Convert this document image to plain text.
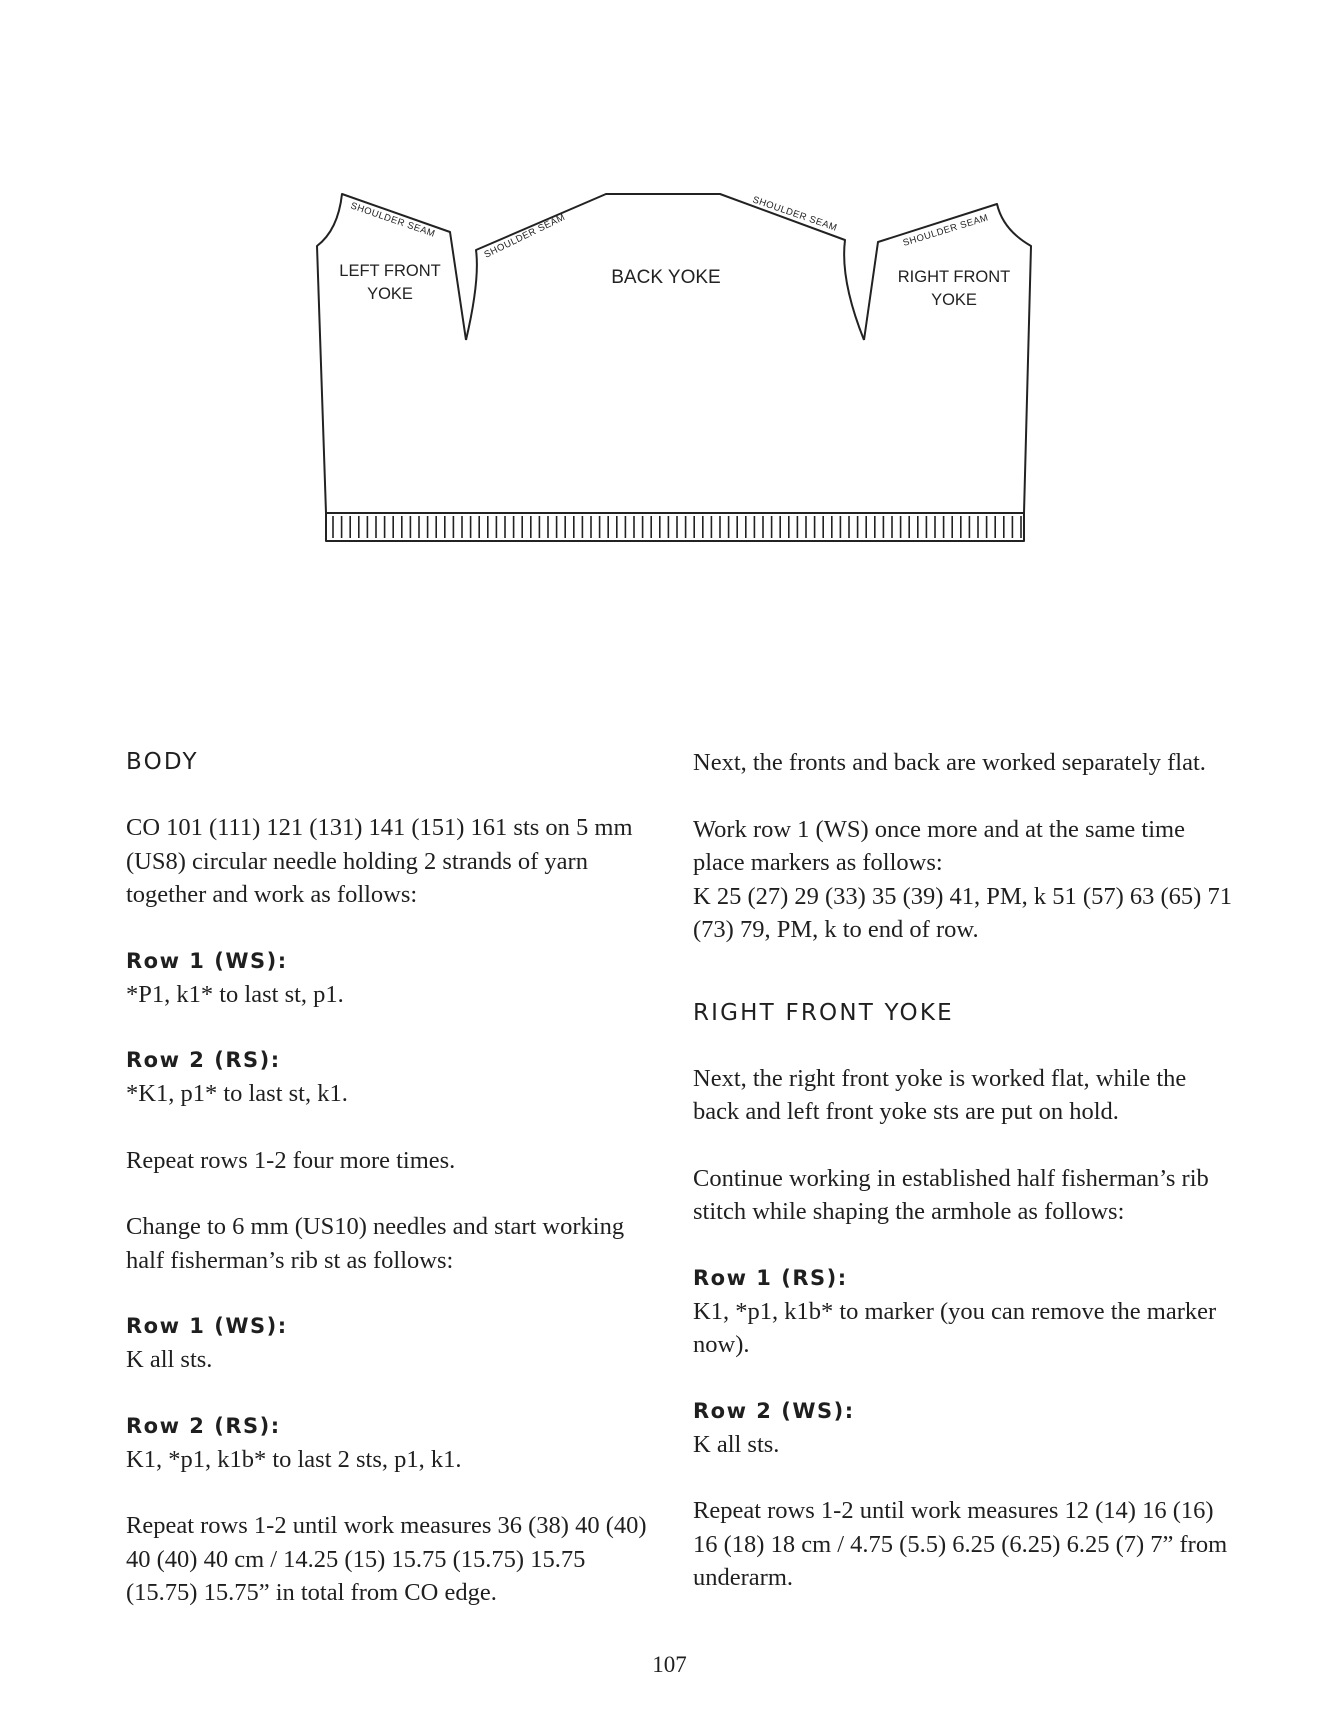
SHOULDER SEAM	SHOULDER SEAM	SHOULDER SEAM	SHOULDER SEAM
LEFT FRONT
YOKE
BACK YOKE	RIGHT FRONT
YOKE
BODY

CO 101 (111) 121 (131) 141 (151) 161 sts on 5 mm (US8) circular needle holding 2 strands of yarn together and work as follows:

Row 1 (WS):
*P1, k1* to last st, p1.
Row 2 (RS):
*K1, p1* to last st, k1.

Repeat rows 1-2 four more times.

Change to 6 mm (US10) needles and start working half fisherman’s rib st as follows:

Row 1 (WS):
K all sts.
Row 2 (RS):
K1, *p1, k1b* to last 2 sts, p1, k1.

Repeat rows 1-2 until work measures 36 (38) 40 (40) 40 (40) 40 cm / 14.25 (15) 15.75 (15.75) 15.75 (15.75) 15.75” in total from CO edge.

Next, the fronts and back are worked separately flat.

Work row 1 (WS) once more and at the same time place markers as follows:
K 25 (27) 29 (33) 35 (39) 41, PM, k 51 (57) 63 (65) 71 (73) 79, PM, k to end of row.

RIGHT FRONT YOKE

Next, the right front yoke is worked flat, while the back and left front yoke sts are put on hold.

Continue working in established half fisherman’s rib stitch while shaping the armhole as follows:

Row 1 (RS):
K1, *p1, k1b* to marker (you can remove the marker now).
Row 2 (WS):
K all sts.

Repeat rows 1-2 until work measures 12 (14) 16 (16) 16 (18) 18 cm / 4.75 (5.5) 6.25 (6.25) 6.25 (7) 7” from underarm.

107
